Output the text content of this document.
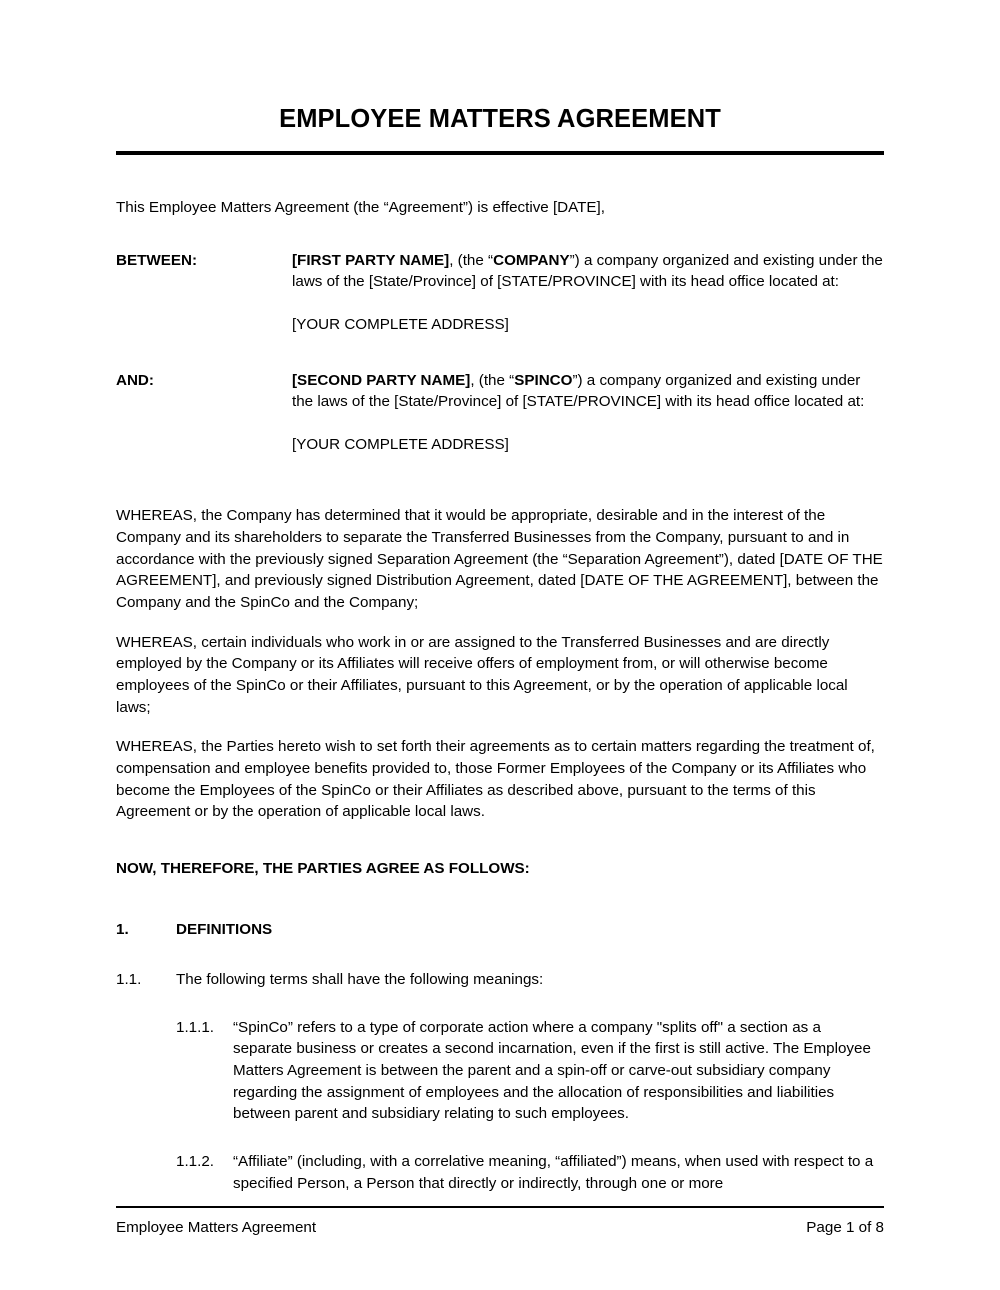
EMPLOYEE MATTERS AGREEMENT

This Employee Matters Agreement (the “Agreement”) is effective [DATE],

BETWEEN:	[FIRST PARTY NAME], (the “COMPANY”) a company organized and existing under the laws of the [State/Province] of [STATE/PROVINCE] with its head office located at:
[YOUR COMPLETE ADDRESS]
AND:	[SECOND PARTY NAME], (the “SPINCO”) a company organized and existing under the laws of the [State/Province] of [STATE/PROVINCE] with its head office located at:
[YOUR COMPLETE ADDRESS]

WHEREAS, the Company has determined that it would be appropriate, desirable and in the interest of the Company and its shareholders to separate the Transferred Businesses from the Company, pursuant to and in accordance with the previously signed Separation Agreement (the “Separation Agreement”), dated [DATE OF THE AGREEMENT], and previously signed Distribution Agreement, dated [DATE OF THE AGREEMENT], between the Company and the SpinCo and the Company;

WHEREAS, certain individuals who work in or are assigned to the Transferred Businesses and are directly employed by the Company or its Affiliates will receive offers of employment from, or will otherwise become employees of the SpinCo or their Affiliates, pursuant to this Agreement, or by the operation of applicable local laws;

WHEREAS, the Parties hereto wish to set forth their agreements as to certain matters regarding the treatment of, compensation and employee benefits provided to, those Former Employees of the Company or its Affiliates who become the Employees of the SpinCo or their Affiliates as described above, pursuant to the terms of this Agreement or by the operation of applicable local laws.

NOW, THEREFORE, THE PARTIES AGREE AS FOLLOWS:
1.	DEFINITIONS
1.1.	The following terms shall have the following meanings:
1.1.1.	“SpinCo” refers to a type of corporate action where a company "splits off" a section as a separate business or creates a second incarnation, even if the first is still active. The Employee Matters Agreement is between the parent and a spin-off or carve-out subsidiary company regarding the assignment of employees and the allocation of responsibilities and liabilities between parent and subsidiary relating to such employees.
1.1.2.	“Affiliate” (including, with a correlative meaning, “affiliated”) means, when used with respect to a specified Person, a Person that directly or indirectly, through one or more
Employee Matters Agreement	Page 1 of 8
